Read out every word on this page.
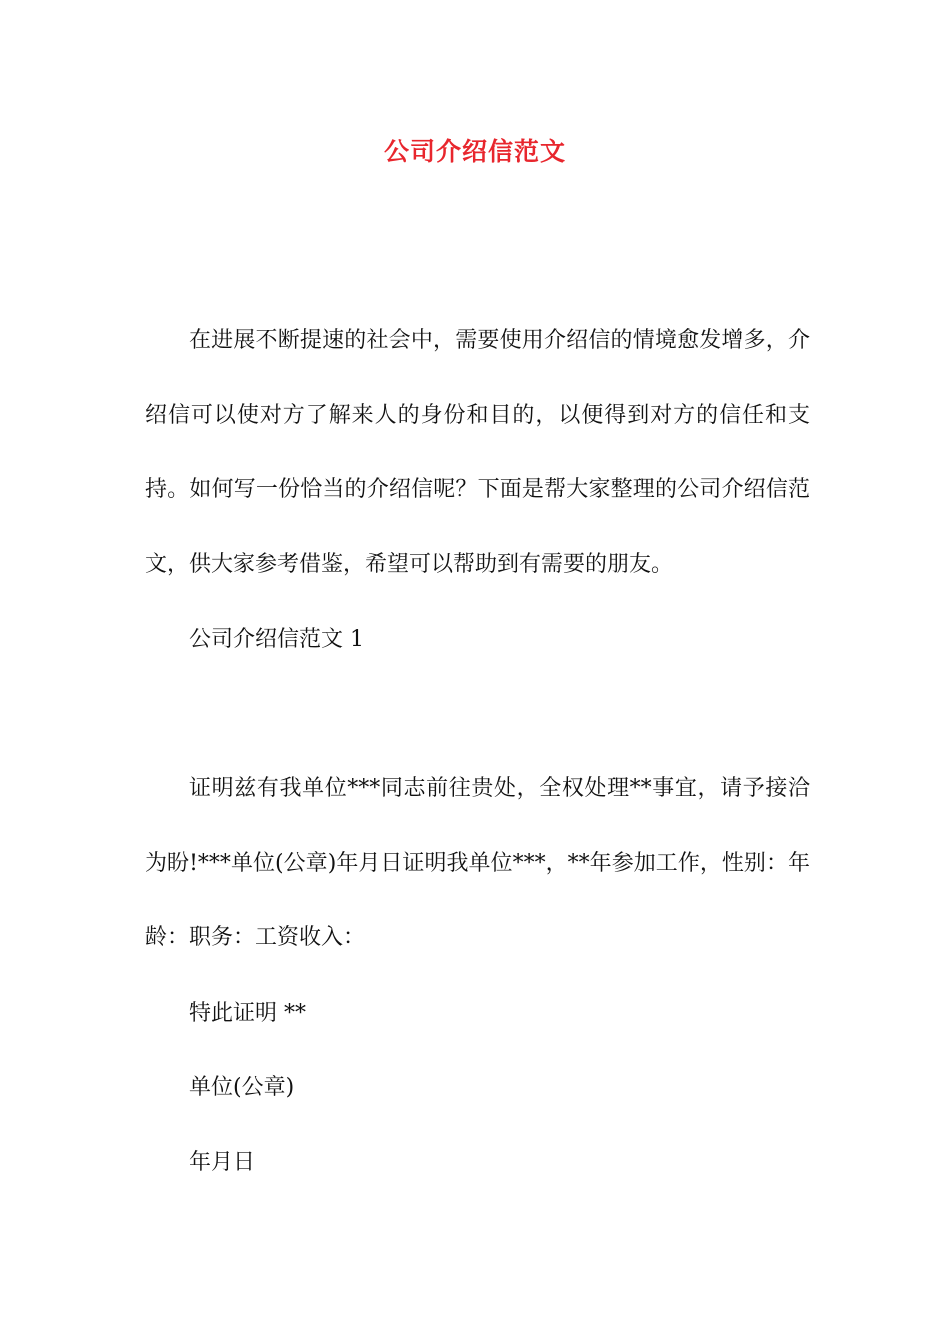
公司介绍信范文
在进展不断提速的社会中，需要使用介绍信的情境愈发增多，介绍信可以使对方了解来人的身份和目的，以便得到对方的信任和支持。如何写一份恰当的介绍信呢？下面是帮大家整理的公司介绍信范文，供大家参考借鉴，希望可以帮助到有需要的朋友。
公司介绍信范文 1
证明兹有我单位***同志前往贵处，全权处理**事宜，请予接洽为盼!***单位(公章)年月日证明我单位***，**年参加工作，性别：年龄：职务：工资收入：
特此证明 **
单位(公章)
年月日
